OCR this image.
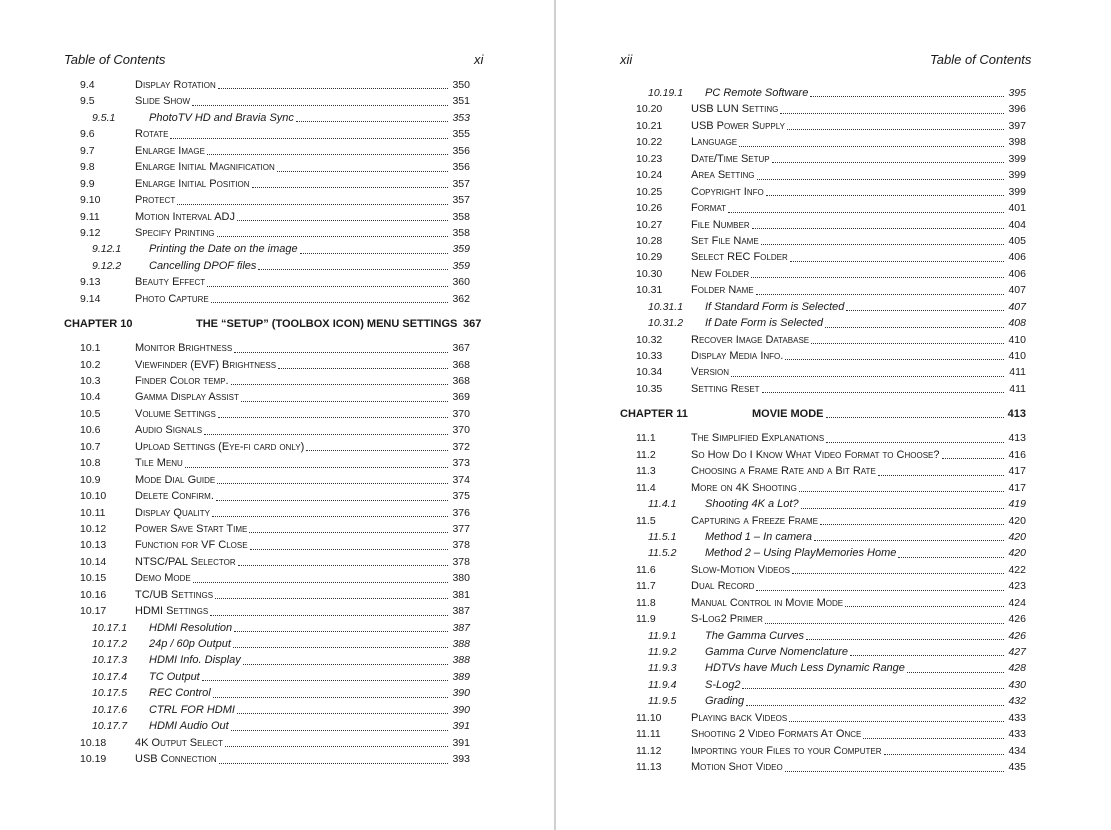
Table of Contents	xi
9.4	Display Rotation	350
9.5	Slide Show	351
9.5.1	PhotoTV HD and Bravia Sync	353
9.6	Rotate	355
9.7	Enlarge Image	356
9.8	Enlarge Initial Magnification	356
9.9	Enlarge Initial Position	357
9.10	Protect	357
9.11	Motion Interval ADJ	358
9.12	Specify Printing	358
9.12.1	Printing the Date on the image	359
9.12.2	Cancelling DPOF files	359
9.13	Beauty Effect	360
9.14	Photo Capture	362
CHAPTER 10	THE “SETUP” (TOOLBOX ICON) MENU SETTINGS 367
10.1	Monitor Brightness	367
10.2	Viewfinder (EVF) Brightness	368
10.3	Finder Color temp.	368
10.4	Gamma Display Assist	369
10.5	Volume Settings	370
10.6	Audio Signals	370
10.7	Upload Settings (Eye-fi card only)	372
10.8	Tile Menu	373
10.9	Mode Dial Guide	374
10.10	Delete Confirm.	375
10.11	Display Quality	376
10.12	Power Save Start Time	377
10.13	Function for VF Close	378
10.14	NTSC/PAL Selector	378
10.15	Demo Mode	380
10.16	TC/UB Settings	381
10.17	HDMI Settings	387
10.17.1 HDMI Resolution	387
10.17.2 24p / 60p Output	388
10.17.3 HDMI Info. Display	388
10.17.4 TC Output	389
10.17.5 REC Control	390
10.17.6 CTRL FOR HDMI	390
10.17.7 HDMI Audio Out	391
10.18	4K Output Select	391
10.19	USB Connection	393
xii	Table of Contents
10.19.1 PC Remote Software	395
10.20	USB LUN Setting	396
10.21	USB Power Supply	397
10.22	Language	398
10.23	Date/Time Setup	399
10.24	Area Setting	399
10.25	Copyright Info	399
10.26	Format	401
10.27	File Number	404
10.28	Set File Name	405
10.29	Select REC Folder	406
10.30	New Folder	406
10.31	Folder Name	407
10.31.1 If Standard Form is Selected	407
10.31.2 If Date Form is Selected	408
10.32	Recover Image Database	410
10.33	Display Media Info.	410
10.34	Version	411
10.35	Setting Reset	411
CHAPTER 11	MOVIE MODE	413
11.1	The Simplified Explanations	413
11.2	So How Do I Know What Video Format to Choose?	416
11.3	Choosing a Frame Rate and a Bit Rate	417
11.4	More on 4K Shooting	417
11.4.1	Shooting 4K a Lot?	419
11.5	Capturing a Freeze Frame	420
11.5.1	Method 1 – In camera	420
11.5.2	Method 2 – Using PlayMemories Home	420
11.6	Slow-Motion Videos	422
11.7	Dual Record	423
11.8	Manual Control in Movie Mode	424
11.9	S-Log2 Primer	426
11.9.1	The Gamma Curves	426
11.9.2	Gamma Curve Nomenclature	427
11.9.3	HDTVs have Much Less Dynamic Range	428
11.9.4	S-Log2	430
11.9.5	Grading	432
11.10	Playing back Videos	433
11.11	Shooting 2 Video Formats At Once	433
11.12	Importing your Files to your Computer	434
11.13	Motion Shot Video	435
